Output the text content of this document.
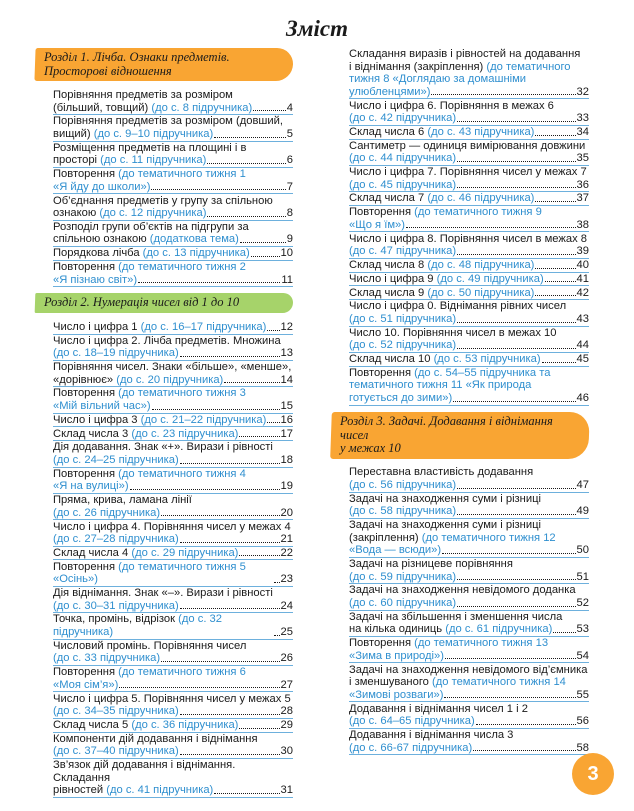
Зміст
Розділ 1. Лічба. Ознаки предметів.
Просторові відношення
Порівняння предметів за розміром
(більший, товщий) (до с. 8 підручника)	4
Порівняння предметів за розміром (довший,
вищий) (до с. 9–10 підручника)	5
Розміщення предметів на площині і в
просторі (до с. 11 підручника)	6
Повторення (до тематичного тижня 1
«Я йду до школи»)	7
Об’єднання предметів у групу за спільною
ознакою (до с. 12 підручника)	8
Розподіл групи об’єктів на підгрупи за
спільною ознакою (додаткова тема)	9
Порядкова лічба (до с. 13 підручника)	10
Повторення (до тематичного тижня 2
«Я пізнаю світ»)	11
Розділ 2. Нумерація чисел від 1 до 10
Число і цифра 1 (до с. 16–17 підручника) 12
Число і цифра 2. Лічба предметів. Множина
(до с. 18–19 підручника)	13
Порівняння чисел. Знаки «більше», «менше»,
«дорівнює» (до с. 20 підручника)	14
Повторення (до тематичного тижня 3
«Мій вільний час»)	15
Число і цифра 3 (до с. 21–22 підручника) 16
Склад числа 3 (до с. 23 підручника)	17
Дія додавання. Знак «+». Вирази і рівності
(до с. 24–25 підручника)	18
Повторення (до тематичного тижня 4
«Я на вулиці»)	19
Пряма, крива, ламана лінії
(до с. 26 підручника)	20
Число і цифра 4. Порівняння чисел у межах 4
(до с. 27–28 підручника)	21
Склад числа 4 (до с. 29 підручника)	22
Повторення (до тематичного тижня 5 «Осінь»)	23
Дія віднімання. Знак «–». Вирази і рівності
(до с. 30–31 підручника)	24
Точка, промінь, відрізок (до с. 32 підручника)	25
Числовий промінь. Порівняння чисел
(до с. 33 підручника)	26
Повторення (до тематичного тижня 6
«Моя сім’я»)	27
Число і цифра 5. Порівняння чисел у межах 5
(до с. 34–35 підручника)	28
Склад числа 5 (до с. 36 підручника)	29
Компоненти дій додавання і віднімання
(до с. 37–40 підручника)	30
Зв’язок дій додавання і віднімання. Складання
рівностей (до с. 41 підручника)	31
Складання виразів і рівностей на додавання
і віднімання (закріплення) (до тематичного
тижня 8 «Доглядаю за домашніми
улюбленцями»)	32
Число і цифра 6. Порівняння в межах 6
(до с. 42 підручника)	33
Склад числа 6 (до с. 43 підручника)	34
Сантиметр — одиниця вимірювання довжини
(до с. 44 підручника)	35
Число і цифра 7. Порівняння чисел у межах 7
(до с. 45 підручника)	36
Склад числа 7 (до с. 46 підручника)	37
Повторення (до тематичного тижня 9
«Що я їм»)	38
Число і цифра 8. Порівняння чисел в межах 8
(до с. 47 підручника)	39
Склад числа 8 (до с. 48 підручника)	40
Число і цифра 9 (до с. 49 підручника)	41
Склад числа 9 (до с. 50 підручника)	42
Число і цифра 0. Віднімання рівних чисел
(до с. 51 підручника)	43
Число 10. Порівняння чисел в межах 10
(до с. 52 підручника)	44
Склад числа 10 (до с. 53 підручника)	45
Повторення (до с. 54–55 підручника та
тематичного тижня 11 «Як природа
готується до зими»)	46
Розділ 3. Задачі. Додавання і віднімання чисел
у межах 10
Переставна властивість додавання
(до с. 56 підручника)	47
Задачі на знаходження суми і різниці
(до с. 58 підручника)	49
Задачі на знаходження суми і різниці
(закріплення) (до тематичного тижня 12
«Вода — всюди»)	50
Задачі на різницеве порівняння
(до с. 59 підручника)	51
Задачі на знаходження невідомого доданка
(до с. 60 підручника)	52
Задачі на збільшення і зменшення числа
на кілька одиниць (до с. 61 підручника) 53
Повторення (до тематичного тижня 13
«Зима в природі»)	54
Задачі на знаходження невідомого від’ємника
і зменшуваного (до тематичного тижня 14
«Зимові розваги»)	55
Додавання і віднімання чисел 1 і 2
(до с. 64–65 підручника)	56
Додавання і віднімання числа 3
(до с. 66-67 підручника)	58
3
